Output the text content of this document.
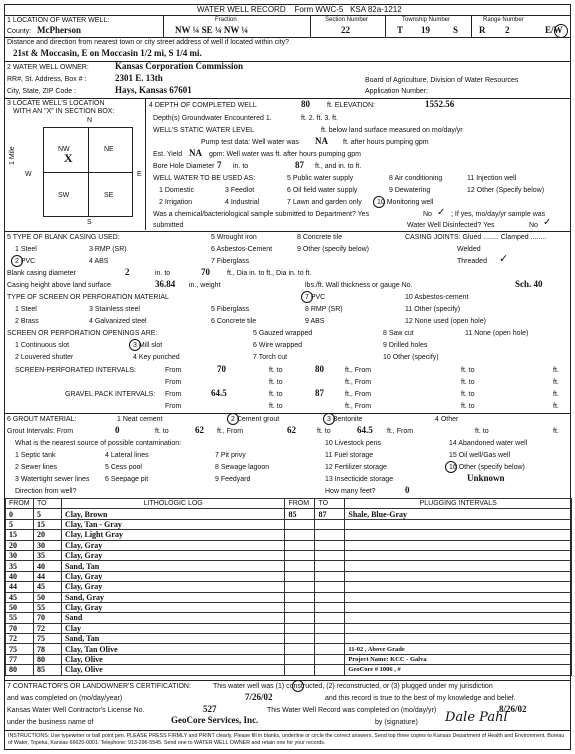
WATER WELL RECORD Form WWC-5 KSA 82a-1212
Fraction	Section Number	Township Number	Range Number
1 LOCATION OF WATER WELL:
County: McPherson	NW ¼ SE ¼ NW ¼	22	T 19	S R 2	E/W
Distance and direction from nearest town or city street address of well if located within city?
21st & Moccasin, E on Moccasin 1/2 mi, S 1/4 mi.
2 WATER WELL OWNER:	Kansas Corporation Commission
RR#, St. Address, Box # :	2301 E. 13th	Board of Agriculture, Division of Water Resources
City, State, ZIP Code :	Hays, Kansas 67601	Application Number:
3 LOCATE WELL'S LOCATION
WITH AN "X" IN SECTION BOX:
N
S
W	E
1 Mile	NW
X
NE
SW	SE
4 DEPTH OF COMPLETED WELL	80 ft. ELEVATION:	1552.56
Depth(s) Groundwater Encountered 1.	ft. 2. ft. 3. ft.
WELL'S STATIC WATER LEVEL	ft. below land surface measured on mo/day/yr
Pump test data: Well water was NA ft. after hours pumping gpm
Est. Yield NA gpm: Well water was ft. after hours pumping gpm
Bore Hole Diameter 7 in. to	87 ft., and in. to ft.
WELL WATER TO BE USED AS:	5 Public water supply	8 Air conditioning	11 Injection well
1 Domestic	3 Feedlot	6 Oil field water supply	9 Dewatering	12 Other (Specify below)
2 Irrigation	4 Industrial	7 Lawn and garden only 10 Monitoring well
Was a chemical/bacteriological sample submitted to Department? Yes	No ✓ ; If yes, mo/day/yr sample was
submitted	Water Well Disinfected? Yes	No ✓
5 TYPE OF BLANK CASING USED:	5 Wrought iron	8 Concrete tile	CASING JOINTS: Glued ........ Clamped ........
1 Steel	3 RMP (SR)	6 Asbestos-Cement	9 Other (specify below)	Welded
2 PVC	4 ABS	7 Fiberglass	Threaded ✓
Blank casing diameter	2	in. to	70 ft., Dia in. to ft., Dia in. to ft.
Casing height above land surface	36.84 in., weight	lbs./ft. Wall thickness or gauge No.	Sch. 40
TYPE OF SCREEN OR PERFORATION MATERIAL	7 PVC	10 Asbestos-cement
1 Steel	3 Stainless steel	5 Fiberglass	8 RMP (SR)	11 Other (specify)
2 Brass	4 Galvanized steel	6 Concrete tile	9 ABS	12 None used (open hole)
SCREEN OR PERFORATION OPENINGS ARE:	5 Gauzed wrapped	8 Saw cut	11 None (open hole)
1 Continuous slot	3 Mill slot	6 Wire wrapped	9 Drilled holes
2 Louvered shutter	4 Key punched	7 Torch cut	10 Other (specify)
SCREEN-PERFORATED INTERVALS:	From	70	ft. to	80	ft., From	ft. to	ft.
From	ft. to	ft., From	ft. to	ft.
GRAVEL PACK INTERVALS: From	64.5	ft. to	87	ft., From	ft. to	ft.
From	ft. to	ft., From	ft. to	ft.
6 GROUT MATERIAL:	1 Neat cement	2 Cement grout	3 Bentonite	4 Other
Grout Intervals: From	0	ft. to	62 ft., From	62	ft. to	64.5 ft., From	ft. to	ft.
What is the nearest source of possible contamination:	10 Livestock pens	14 Abandoned water well
1 Septic tank	4 Lateral lines	7 Pit privy	11 Fuel storage	15 Oil well/Gas well
2 Sewer lines	5 Cess pool	8 Sewage lagoon	12 Fertilizer storage	16 Other (specify below)
3 Watertight sewer lines 6 Seepage pit	9 Feedyard	13 Insecticide storage	Unknown
Direction from well?	How many feet?	0
FROM	TO	LITHOLOGIC LOG	FROM	TO	PLUGGING INTERVALS
0	5	Clay, Brown	85	87	Shale, Blue-Gray
5	15	Clay, Tan - Gray			
15	20	Clay, Light Gray			
20	30	Clay, Gray			
30	35	Clay, Gray			
35	40	Sand, Tan			
40	44	Clay, Gray			
44	45	Clay, Gray			
45	50	Sand, Gray			
50	55	Clay, Gray			
55	70	Sand			
70	72	Clay			
72	75	Sand, Tan			
75	78	Clay, Tan Olive			11-02 , Above Grade
77	80	Clay, Olive			Project Name: KCC - Galva
80	85	Clay, Olive			GeoCore # 1006 , #
7 CONTRACTOR'S OR LANDOWNER'S CERTIFICATION:	This water well was (1) constructed, (2) reconstructed, or (3) plugged under my jurisdiction
and was completed on (mo/day/year)	7/26/02	and this record is true to the best of my knowledge and belief.
Kansas Water Well Contractor's License No.	527	This Water Well Record was completed on (mo/day/yr)	8/26/02
under the business name of	GeoCore Services, Inc.	by (signature) Dale Pahl
INSTRUCTIONS: Use typewriter or ball point pen. PLEASE PRESS FIRMLY and PRINT clearly. Please fill in blanks, underline or circle the correct answers. Send top three copies to Kansas Department of Health and Environment, Bureau of Water, Topeka, Kansas 66620-0001. Telephone: 913-296-5545. Send one to WATER WELL OWNER and retain one for your records.
